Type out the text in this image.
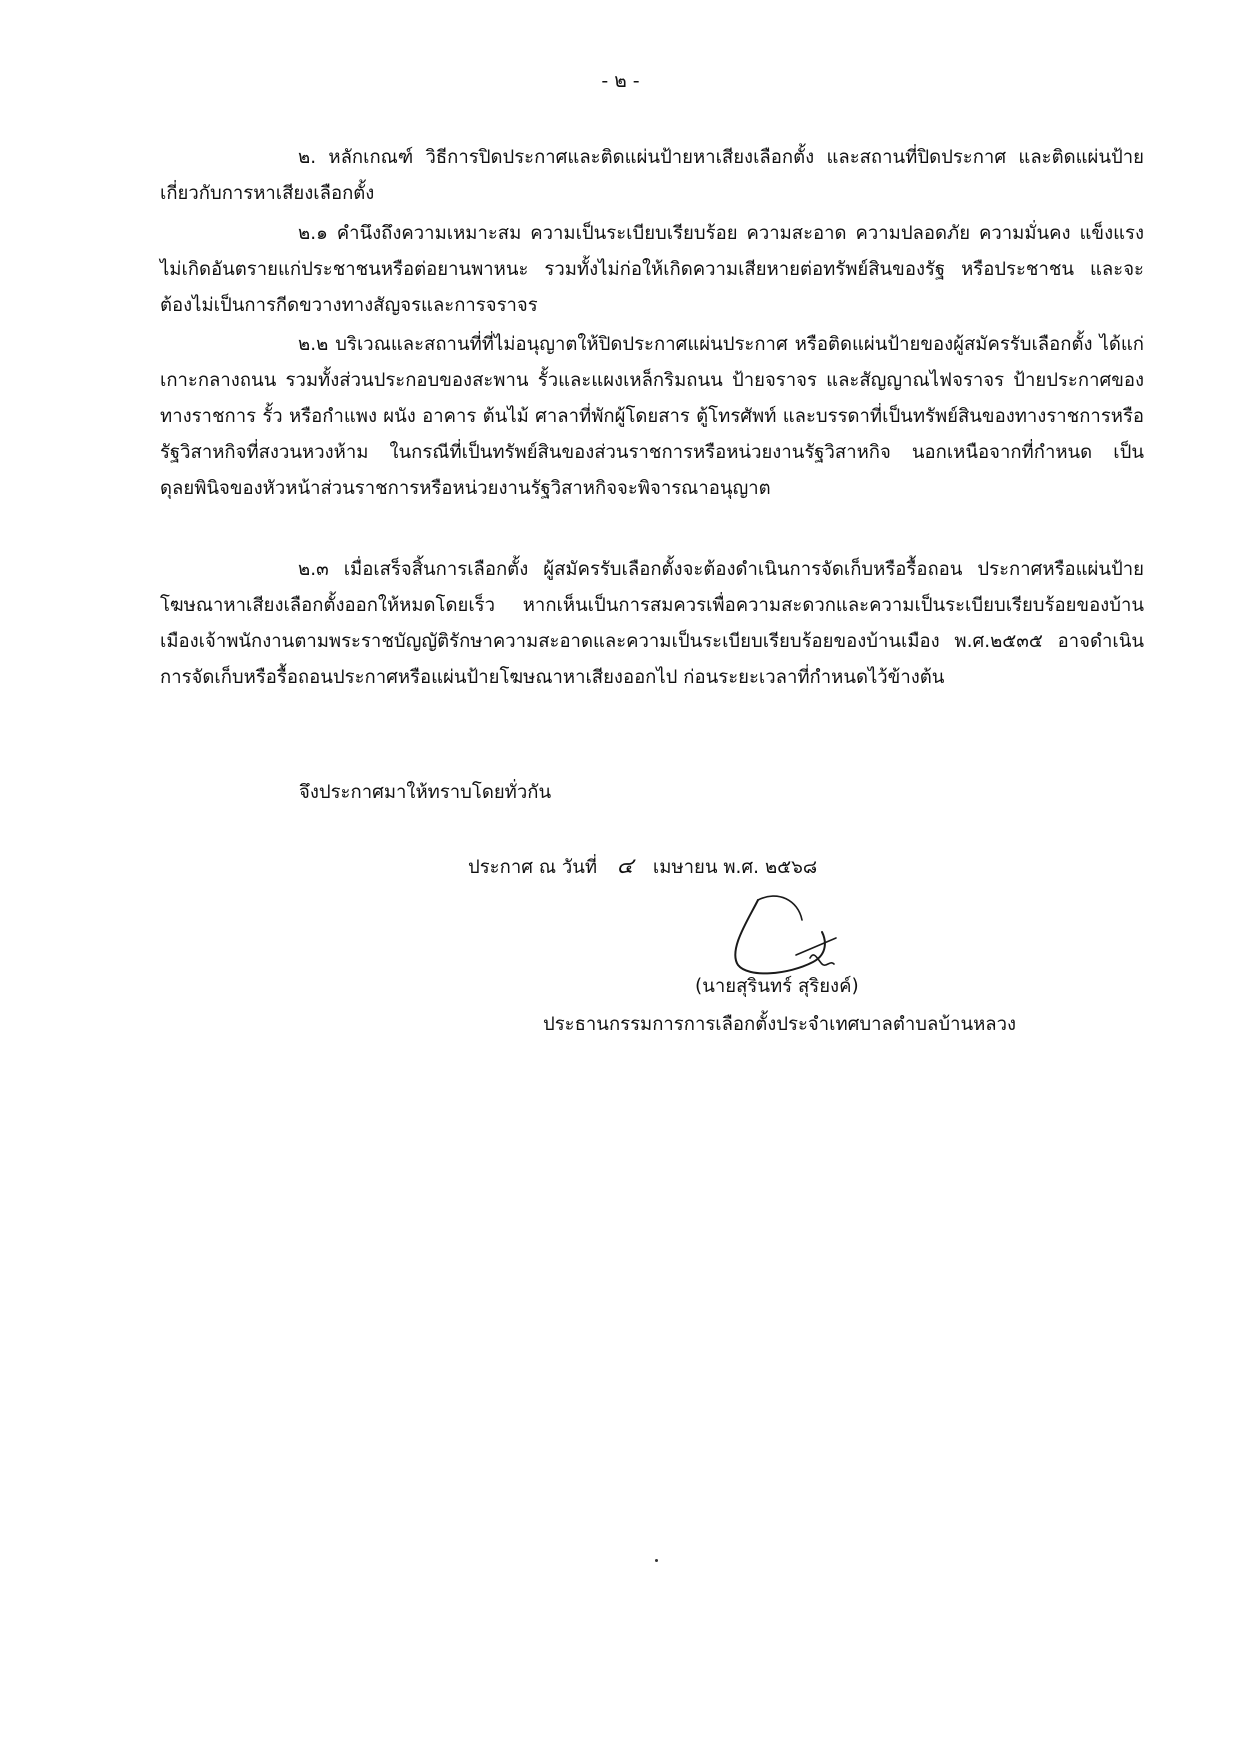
- ๒ -

๒. หลักเกณฑ์ วิธีการปิดประกาศและติดแผ่นป้ายหาเสียงเลือกตั้ง และสถานที่ปิดประกาศ และติดแผ่นป้ายเกี่ยวกับการหาเสียงเลือกตั้ง

๒.๑ คำนึงถึงความเหมาะสม ความเป็นระเบียบเรียบร้อย ความสะอาด ความปลอดภัย ความมั่นคง แข็งแรง ไม่เกิดอันตรายแก่ประชาชนหรือต่อยานพาหนะ รวมทั้งไม่ก่อให้เกิดความเสียหายต่อทรัพย์สินของรัฐ หรือประชาชน และจะต้องไม่เป็นการกีดขวางทางสัญจรและการจราจร

๒.๒ บริเวณและสถานที่ที่ไม่อนุญาตให้ปิดประกาศแผ่นประกาศ หรือติดแผ่นป้ายของผู้สมัครรับเลือกตั้ง ได้แก่ เกาะกลางถนน รวมทั้งส่วนประกอบของสะพาน รั้วและแผงเหล็กริมถนน ป้ายจราจร และสัญญาณไฟจราจร ป้ายประกาศของทางราชการ รั้ว หรือกำแพง ผนัง อาคาร ต้นไม้ ศาลาที่พักผู้โดยสาร ตู้โทรศัพท์ และบรรดาที่เป็นทรัพย์สินของทางราชการหรือรัฐวิสาหกิจที่สงวนหวงห้าม ในกรณีที่เป็นทรัพย์สินของส่วนราชการหรือหน่วยงานรัฐวิสาหกิจ นอกเหนือจากที่กำหนด เป็นดุลยพินิจของหัวหน้าส่วนราชการหรือหน่วยงานรัฐวิสาหกิจจะพิจารณาอนุญาต

๒.๓ เมื่อเสร็จสิ้นการเลือกตั้ง ผู้สมัครรับเลือกตั้งจะต้องดำเนินการจัดเก็บหรือรื้อถอน ประกาศหรือแผ่นป้ายโฆษณาหาเสียงเลือกตั้งออกให้หมดโดยเร็ว หากเห็นเป็นการสมควรเพื่อความสะดวกและความเป็นระเบียบเรียบร้อยของบ้านเมืองเจ้าพนักงานตามพระราชบัญญัติรักษาความสะอาดและความเป็นระเบียบเรียบร้อยของบ้านเมือง พ.ศ.๒๕๓๕ อาจดำเนินการจัดเก็บหรือรื้อถอนประกาศหรือแผ่นป้ายโฆษณาหาเสียงออกไป ก่อนระยะเวลาที่กำหนดไว้ข้างต้น

จึงประกาศมาให้ทราบโดยทั่วกัน
ประกาศ ณ วันที่ ๔ เมษายน พ.ศ. ๒๕๖๘
(นายสุรินทร์ สุริยงค์)
ประธานกรรมการการเลือกตั้งประจำเทศบาลตำบลบ้านหลวง
